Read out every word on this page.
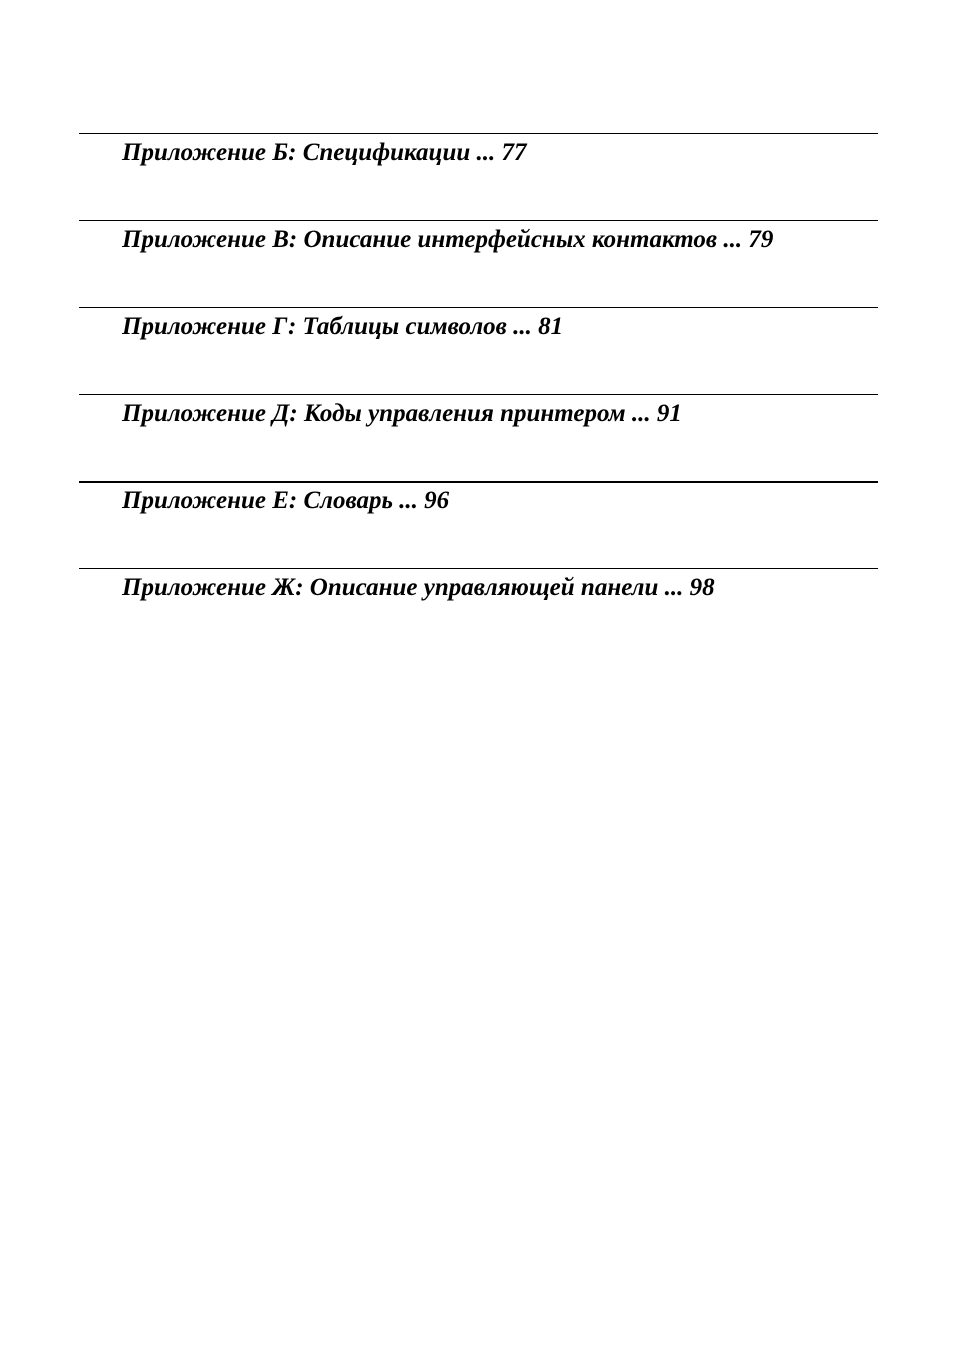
Приложение Б: Спецификации ... 77
Приложение В: Описание интерфейсных контактов ... 79
Приложение Г: Таблицы символов ... 81
Приложение Д: Коды управления принтером ... 91
Приложение Е: Словарь ... 96
Приложение Ж: Описание управляющей панели ... 98
